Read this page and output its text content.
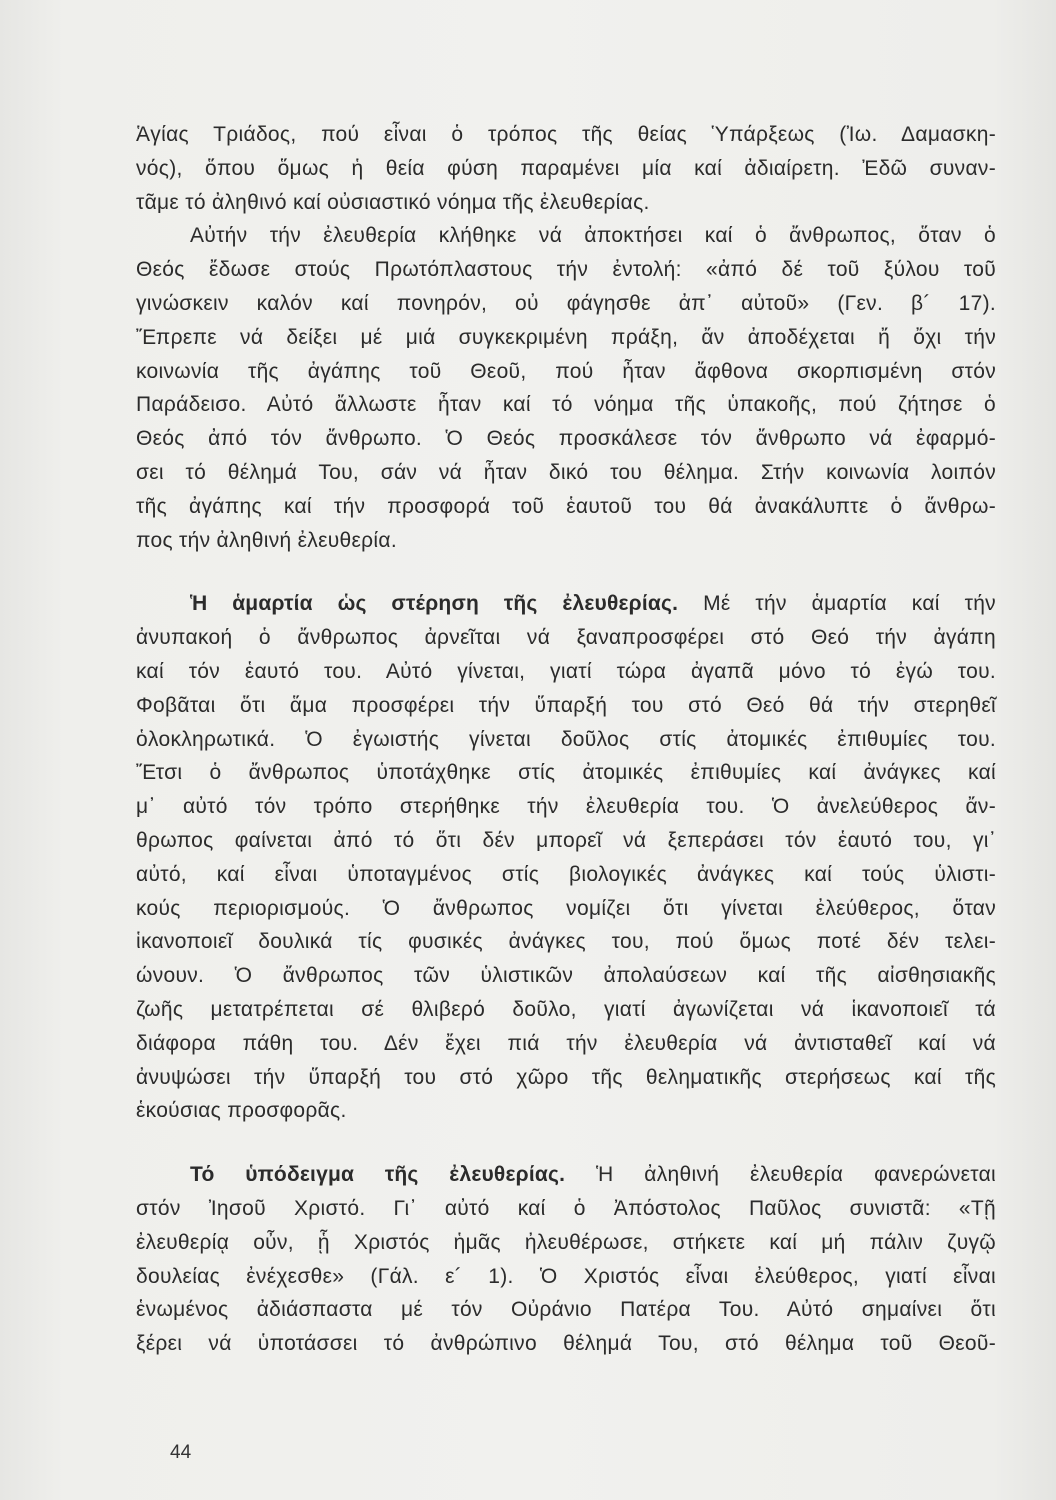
Ἁγίας Τριάδος, πού εἶναι ὁ τρόπος τῆς θείας Ὑπάρξεως (Ἰω. Δαμασκη-
νός), ὅπου ὅμως ἡ θεία φύση παραμένει μία καί ἀδιαίρετη. Ἐδῶ συναν-
τᾶμε τό ἀληθινό καί οὐσιαστικό νόημα τῆς ἐλευθερίας.
Αὐτήν τήν ἐλευθερία κλήθηκε νά ἀποκτήσει καί ὁ ἄνθρωπος, ὅταν ὁ
Θεός ἔδωσε στούς Πρωτόπλαστους τήν ἐντολή: «ἀπό δέ τοῦ ξύλου τοῦ
γινώσκειν καλόν καί πονηρόν, οὐ φάγησθε ἀπ᾽ αὐτοῦ» (Γεν. β´ 17).
Ἔπρεπε νά δείξει μέ μιά συγκεκριμένη πράξη, ἄν ἀποδέχεται ἤ ὄχι τήν
κοινωνία τῆς ἀγάπης τοῦ Θεοῦ, πού ἦταν ἄφθονα σκορπισμένη στόν
Παράδεισο. Αὐτό ἄλλωστε ἦταν καί τό νόημα τῆς ὑπακοῆς, πού ζήτησε ὁ
Θεός ἀπό τόν ἄνθρωπο. Ὁ Θεός προσκάλεσε τόν ἄνθρωπο νά ἐφαρμό-
σει τό θέλημά Του, σάν νά ἦταν δικό του θέλημα. Στήν κοινωνία λοιπόν
τῆς ἀγάπης καί τήν προσφορά τοῦ ἑαυτοῦ του θά ἀνακάλυπτε ὁ ἄνθρω-
πος τήν ἀληθινή ἐλευθερία.
Ἡ ἁμαρτία ὡς στέρηση τῆς ἐλευθερίας. Μέ τήν ἁμαρτία καί τήν
ἀνυπακοή ὁ ἄνθρωπος ἀρνεῖται νά ξαναπροσφέρει στό Θεό τήν ἀγάπη
καί τόν ἑαυτό του. Αὐτό γίνεται, γιατί τώρα ἀγαπᾶ μόνο τό ἐγώ του.
Φοβᾶται ὅτι ἅμα προσφέρει τήν ὕπαρξή του στό Θεό θά τήν στερηθεῖ
ὁλοκληρωτικά. Ὁ ἐγωιστής γίνεται δοῦλος στίς ἀτομικές ἐπιθυμίες του.
Ἔτσι ὁ ἄνθρωπος ὑποτάχθηκε στίς ἀτομικές ἐπιθυμίες καί ἀνάγκες καί
μ᾽ αὐτό τόν τρόπο στερήθηκε τήν ἐλευθερία του. Ὁ ἀνελεύθερος ἄν-
θρωπος φαίνεται ἀπό τό ὅτι δέν μπορεῖ νά ξεπεράσει τόν ἑαυτό του, γι᾽
αὐτό, καί εἶναι ὑποταγμένος στίς βιολογικές ἀνάγκες καί τούς ὑλιστι-
κούς περιορισμούς. Ὁ ἄνθρωπος νομίζει ὅτι γίνεται ἐλεύθερος, ὅταν
ἱκανοποιεῖ δουλικά τίς φυσικές ἀνάγκες του, πού ὅμως ποτέ δέν τελει-
ώνουν. Ὁ ἄνθρωπος τῶν ὑλιστικῶν ἀπολαύσεων καί τῆς αἰσθησιακῆς
ζωῆς μετατρέπεται σέ θλιβερό δοῦλο, γιατί ἀγωνίζεται νά ἱκανοποιεῖ τά
διάφορα πάθη του. Δέν ἔχει πιά τήν ἐλευθερία νά ἀντισταθεῖ καί νά
ἀνυψώσει τήν ὕπαρξή του στό χῶρο τῆς θεληματικῆς στερήσεως καί τῆς
ἑκούσιας προσφορᾶς.
Τό ὑπόδειγμα τῆς ἐλευθερίας. Ἡ ἀληθινή ἐλευθερία φανερώνεται
στόν Ἰησοῦ Χριστό. Γι᾽ αὐτό καί ὁ Ἀπόστολος Παῦλος συνιστᾶ: «Τῇ
ἐλευθερίᾳ οὖν, ᾗ Χριστός ἡμᾶς ἠλευθέρωσε, στήκετε καί μή πάλιν ζυγῷ
δουλείας ἐνέχεσθε» (Γάλ. ε´ 1). Ὁ Χριστός εἶναι ἐλεύθερος, γιατί εἶναι
ἑνωμένος ἀδιάσπαστα μέ τόν Οὐράνιο Πατέρα Του. Αὐτό σημαίνει ὅτι
ξέρει νά ὑποτάσσει τό ἀνθρώπινο θέλημά Του, στό θέλημα τοῦ Θεοῦ-
44
